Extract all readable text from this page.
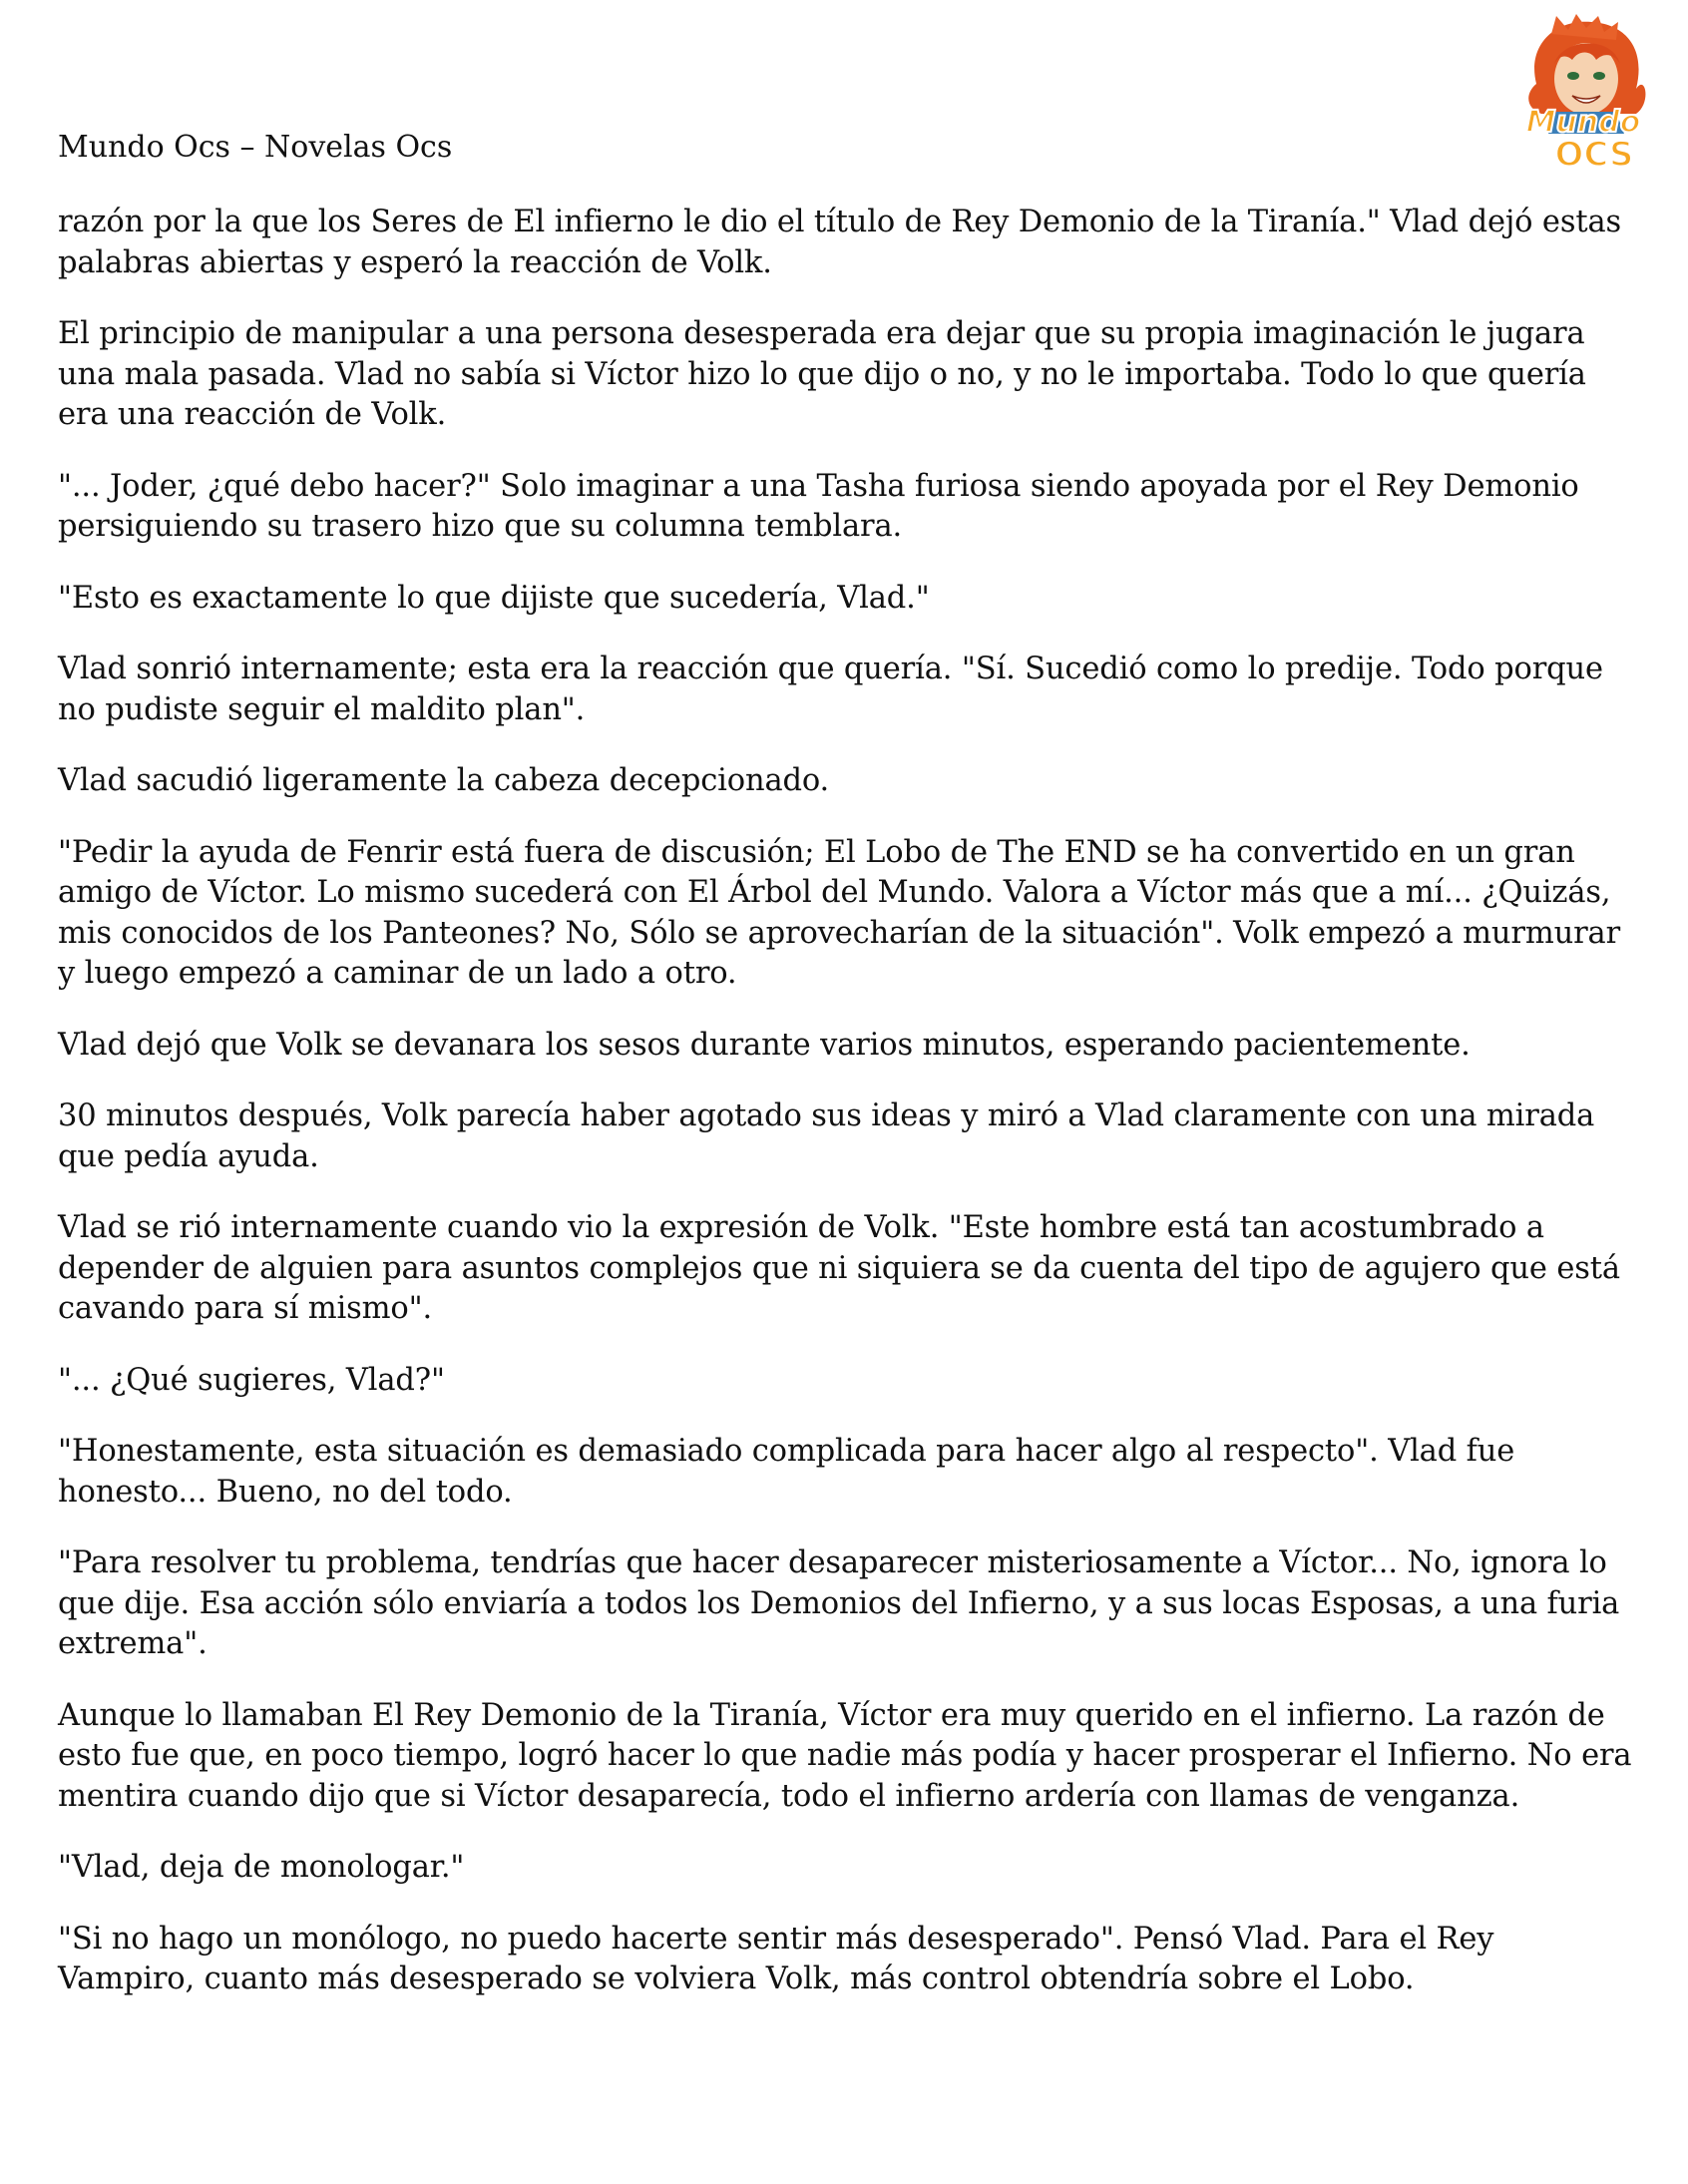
Mundo Ocs – Novelas Ocs
Mundo
OCS

razón por la que los Seres de El infierno le dio el título de Rey Demonio de la Tiranía." Vlad dejó estas palabras abiertas y esperó la reacción de Volk.

El principio de manipular a una persona desesperada era dejar que su propia imaginación le jugara una mala pasada. Vlad no sabía si Víctor hizo lo que dijo o no, y no le importaba. Todo lo que quería era una reacción de Volk.

"... Joder, ¿qué debo hacer?" Solo imaginar a una Tasha furiosa siendo apoyada por el Rey Demonio persiguiendo su trasero hizo que su columna temblara.

"Esto es exactamente lo que dijiste que sucedería, Vlad."

Vlad sonrió internamente; esta era la reacción que quería. "Sí. Sucedió como lo predije. Todo porque no pudiste seguir el maldito plan".

Vlad sacudió ligeramente la cabeza decepcionado.

"Pedir la ayuda de Fenrir está fuera de discusión; El Lobo de The END se ha convertido en un gran amigo de Víctor. Lo mismo sucederá con El Árbol del Mundo. Valora a Víctor más que a mí... ¿Quizás, mis conocidos de los Panteones? No, Sólo se aprovecharían de la situación". Volk empezó a murmurar y luego empezó a caminar de un lado a otro.

Vlad dejó que Volk se devanara los sesos durante varios minutos, esperando pacientemente.

30 minutos después, Volk parecía haber agotado sus ideas y miró a Vlad claramente con una mirada que pedía ayuda.

Vlad se rió internamente cuando vio la expresión de Volk. "Este hombre está tan acostumbrado a depender de alguien para asuntos complejos que ni siquiera se da cuenta del tipo de agujero que está cavando para sí mismo".

"... ¿Qué sugieres, Vlad?"

"Honestamente, esta situación es demasiado complicada para hacer algo al respecto". Vlad fue honesto... Bueno, no del todo.

"Para resolver tu problema, tendrías que hacer desaparecer misteriosamente a Víctor... No, ignora lo que dije. Esa acción sólo enviaría a todos los Demonios del Infierno, y a sus locas Esposas, a una furia extrema".

Aunque lo llamaban El Rey Demonio de la Tiranía, Víctor era muy querido en el infierno. La razón de esto fue que, en poco tiempo, logró hacer lo que nadie más podía y hacer prosperar el Infierno. No era mentira cuando dijo que si Víctor desaparecía, todo el infierno ardería con llamas de venganza.

"Vlad, deja de monologar."

"Si no hago un monólogo, no puedo hacerte sentir más desesperado". Pensó Vlad. Para el Rey Vampiro, cuanto más desesperado se volviera Volk, más control obtendría sobre el Lobo.
